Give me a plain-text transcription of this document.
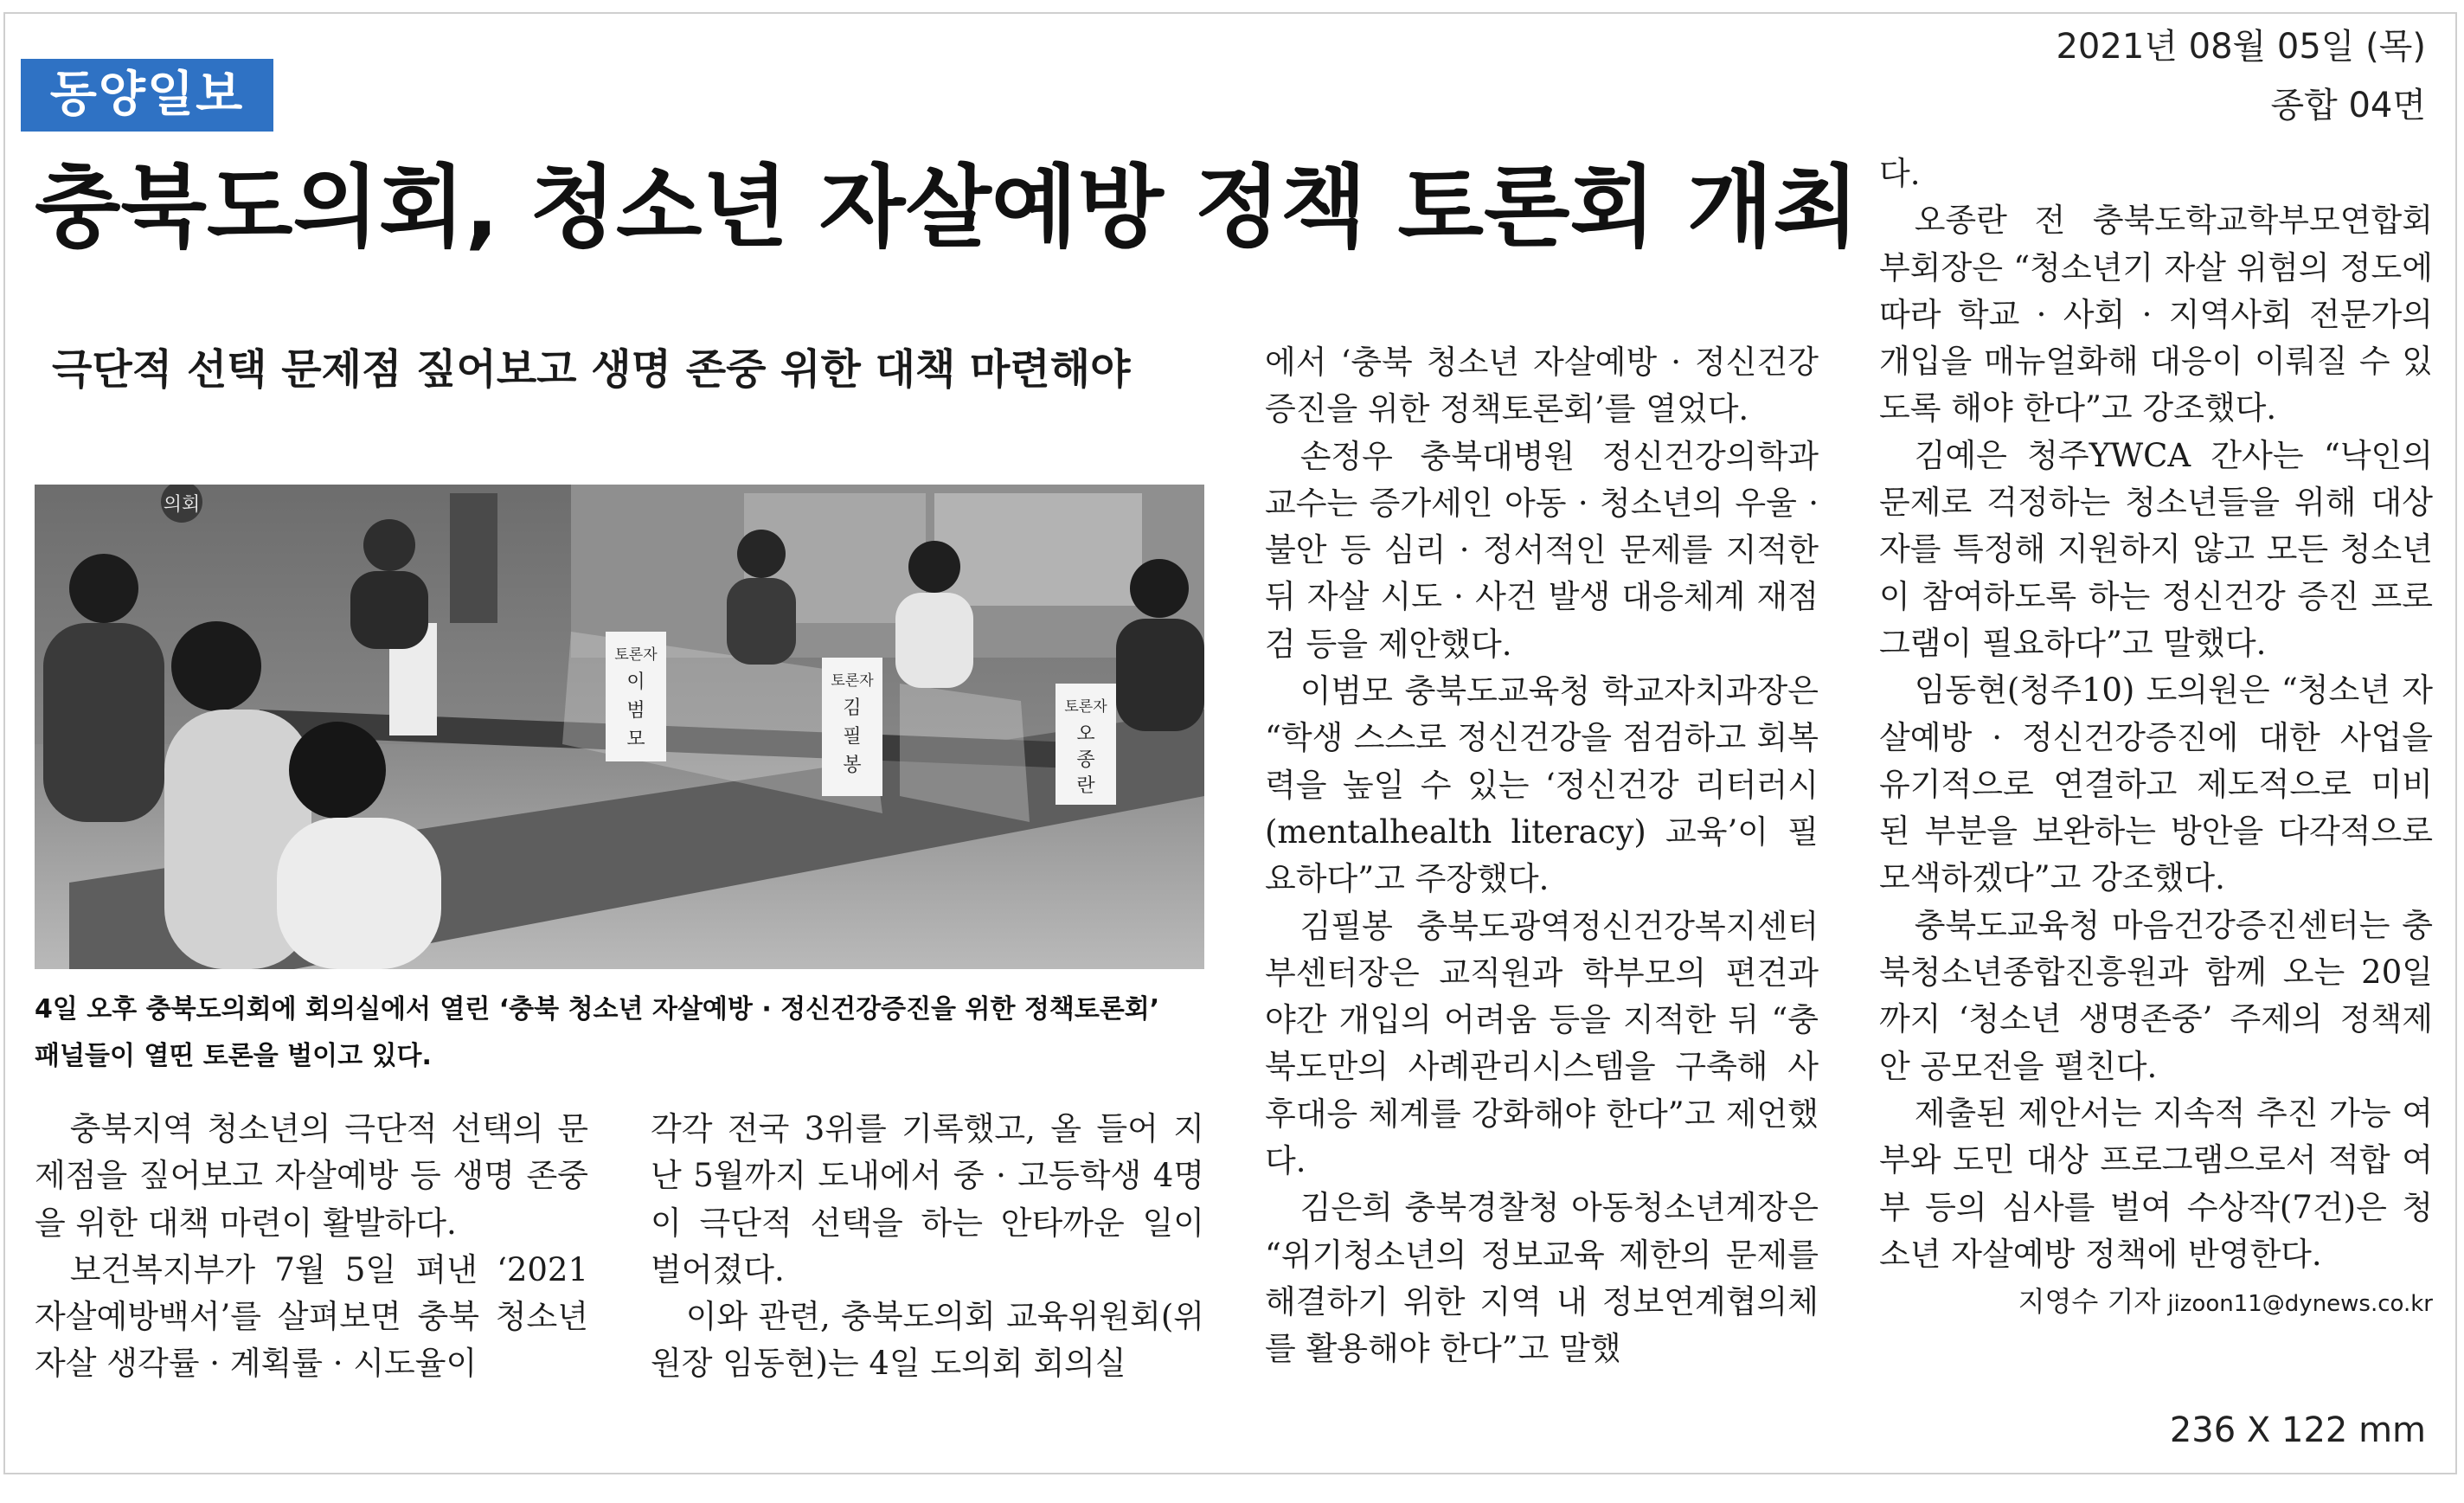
동양일보
2021년 08월 05일 (목)
종합 04면
충북도의회, 청소년 자살예방 정책 토론회 개최
극단적 선택 문제점 짚어보고 생명 존중 위한 대책 마련해야
의회
토론자
오
종
란
토론자
김
필
봉
토론자
이
범
모
4일 오후 충북도의회에 회의실에서 열린 ‘충북 청소년 자살예방 · 정신건강증진을 위한 정책토론회’
패널들이 열띤 토론을 벌이고 있다.

충북지역 청소년의 극단적 선택의 문제점을 짚어보고 자살예방 등 생명 존중을 위한 대책 마련이 활발하다.

보건복지부가 7월 5일 펴낸 ‘2021 자살예방백서’를 살펴보면 충북 청소년 자살 생각률 · 계획률 · 시도율이

각각 전국 3위를 기록했고, 올 들어 지난 5월까지 도내에서 중 · 고등학생 4명이 극단적 선택을 하는 안타까운 일이 벌어졌다.

이와 관련, 충북도의회 교육위원회(위원장 임동현)는 4일 도의회 회의실

에서 ‘충북 청소년 자살예방 · 정신건강증진을 위한 정책토론회’를 열었다.

손정우 충북대병원 정신건강의학과 교수는 증가세인 아동 · 청소년의 우울 · 불안 등 심리 · 정서적인 문제를 지적한 뒤 자살 시도 · 사건 발생 대응체계 재점검 등을 제안했다.

이범모 충북도교육청 학교자치과장은 “학생 스스로 정신건강을 점검하고 회복력을 높일 수 있는 ‘정신건강 리터러시(mentalhealth literacy) 교육’이 필요하다”고 주장했다.

김필봉 충북도광역정신건강복지센터 부센터장은 교직원과 학부모의 편견과 야간 개입의 어려움 등을 지적한 뒤 “충북도만의 사례관리시스템을 구축해 사후대응 체계를 강화해야 한다”고 제언했다.

김은희 충북경찰청 아동청소년계장은 “위기청소년의 정보교육 제한의 문제를 해결하기 위한 지역 내 정보연계협의체를 활용해야 한다”고 말했

다.

오종란 전 충북도학교학부모연합회 부회장은 “청소년기 자살 위험의 정도에 따라 학교 · 사회 · 지역사회 전문가의 개입을 매뉴얼화해 대응이 이뤄질 수 있도록 해야 한다”고 강조했다.

김예은 청주YWCA 간사는 “낙인의 문제로 걱정하는 청소년들을 위해 대상자를 특정해 지원하지 않고 모든 청소년이 참여하도록 하는 정신건강 증진 프로그램이 필요하다”고 말했다.

임동현(청주10) 도의원은 “청소년 자살예방 · 정신건강증진에 대한 사업을 유기적으로 연결하고 제도적으로 미비된 부분을 보완하는 방안을 다각적으로 모색하겠다”고 강조했다.

충북도교육청 마음건강증진센터는 충북청소년종합진흥원과 함께 오는 20일까지 ‘청소년 생명존중’ 주제의 정책제안 공모전을 펼친다.

제출된 제안서는 지속적 추진 가능 여부와 도민 대상 프로그램으로서 적합 여부 등의 심사를 벌여 수상작(7건)은 청소년 자살예방 정책에 반영한다.
지영수 기자 jizoon11@dynews.co.kr

236 X 122 mm
